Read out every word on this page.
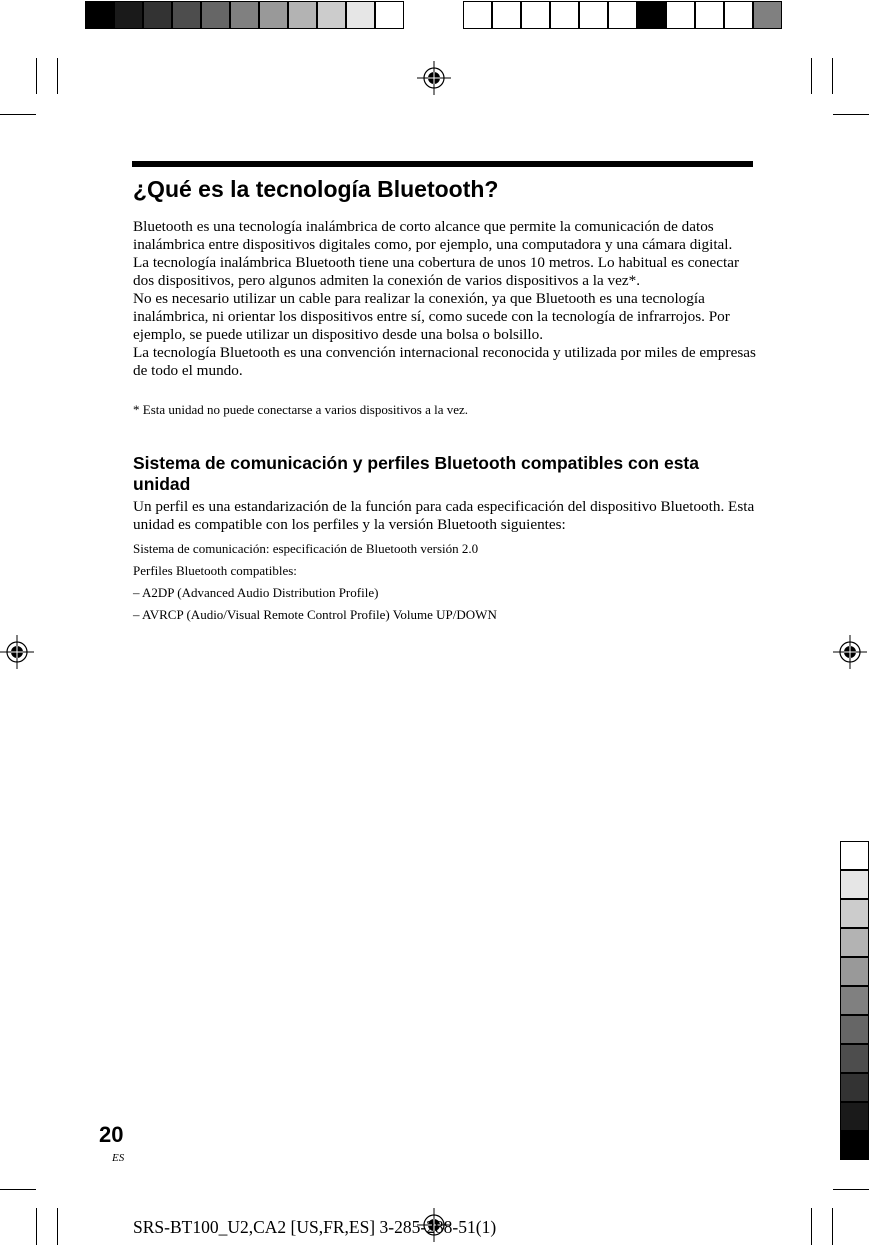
¿Qué es la tecnología Bluetooth?

Bluetooth es una tecnología inalámbrica de corto alcance que permite la comunicación de datos inalámbrica entre dispositivos digitales como, por ejemplo, una computadora y una cámara digital.

La tecnología inalámbrica Bluetooth tiene una cobertura de unos 10 metros. Lo habitual es conectar dos dispositivos, pero algunos admiten la conexión de varios dispositivos a la vez*.

No es necesario utilizar un cable para realizar la conexión, ya que Bluetooth es una tecnología inalámbrica, ni orientar los dispositivos entre sí, como sucede con la tecnología de infrarrojos. Por ejemplo, se puede utilizar un dispositivo desde una bolsa o bolsillo.

La tecnología Bluetooth es una convención internacional reconocida y utilizada por miles de empresas de todo el mundo.

* Esta unidad no puede conectarse a varios dispositivos a la vez.
Sistema de comunicación y perfiles Bluetooth compatibles con esta unidad
Un perfil es una estandarización de la función para cada especificación del dispositivo Bluetooth. Esta unidad es compatible con los perfiles y la versión Bluetooth siguientes:
Sistema de comunicación: especificación de Bluetooth versión 2.0
Perfiles Bluetooth compatibles:
– A2DP (Advanced Audio Distribution Profile)
– AVRCP (Audio/Visual Remote Control Profile) Volume UP/DOWN
20
ES
SRS-BT100_U2,CA2 [US,FR,ES] 3-285-288-51(1)
